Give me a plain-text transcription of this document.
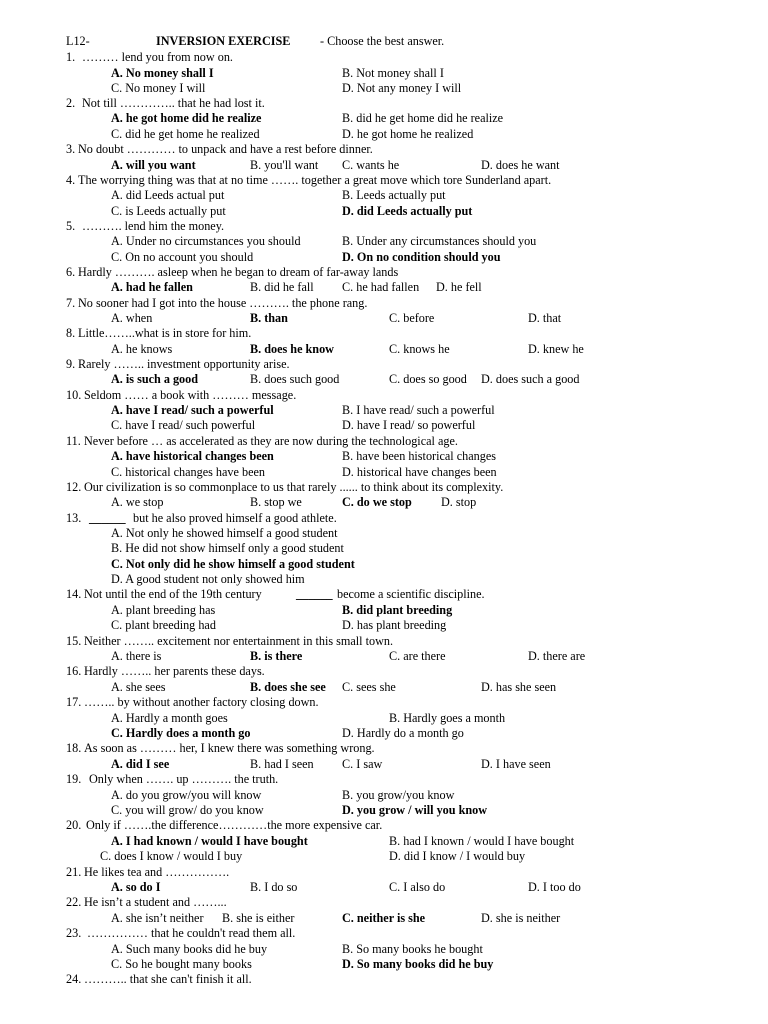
L12-	INVERSION EXERCISE - Choose the best answer.
1. ……… lend you from now on.
A. No money shall I	B. Not money shall I
C. No money I will	D. Not any money I will
2. Not till ………….. that he had lost it.
A. he got home did he realize	B. did he get home did he realize
C. did he get home he realized	D. he got home he realized
3. No doubt ………… to unpack and have a rest before dinner.
A. will you want	B. you'll want C. wants he	D. does he want
4. The worrying thing was that at no time ……. together a great move which tore Sunderland apart.
A. did Leeds actual put	B. Leeds actually put
C. is Leeds actually put	D. did Leeds actually put
5. ………. lend him the money.
A. Under no circumstances you should	B. Under any circumstances should you
C. On no account you should	D. On no condition should you
6. Hardly ………. asleep when he began to dream of far-away lands
A. had he fallen	B. did he fall C. he had fallen D. he fell
7. No sooner had I got into the house ………. the phone rang.
A. when	B. than	C. before	D. that
8. Little……..what is in store for him.
A. he knows	B. does he know	C. knows he	D. knew he
9. Rarely …….. investment opportunity arise.
A. is such a good	B. does such good	C. does so good D. does such a good
10. Seldom …… a book with ……… message.
A. have I read/ such a powerful	B. I have read/ such a powerful
C. have I read/ such powerful	D. have I read/ so powerful
11. Never before … as accelerated as they are now during the technological age.
A. have historical changes been	B. have been historical changes
C. historical changes have been	D. historical have changes been
12. Our civilization is so commonplace to us that rarely ...... to think about its complexity.
A. we stop	B. stop we	C. do we stop D. stop
13. ______ but he also proved himself a good athlete.
A. Not only he showed himself a good student
B. He did not show himself only a good student
C. Not only did he show himself a good student
D. A good student not only showed him
14. Not until the end of the 19th century	______ become a scientific discipline.
A. plant breeding has	B. did plant breeding
C. plant breeding had	D. has plant breeding
15. Neither …….. excitement nor entertainment in this small town.
A. there is	B. is there	C. are there	D. there are
16. Hardly …….. her parents these days.
A. she sees	B. does she see C. sees she	D. has she seen
17. …….. by without another factory closing down.
A. Hardly a month goes	B. Hardly goes a month
C. Hardly does a month go	D. Hardly do a month go
18. As soon as ……… her, I knew there was something wrong.
A. did I see	B. had I seen C. I saw	D. I have seen
19. Only when ……. up ………. the truth.
A. do you grow/you will know	B. you grow/you know
C. you will grow/ do you know	D. you grow / will you know
20. Only if …….the difference…………the more expensive car.
A. I had known / would I have bought	B. had I known / would I have bought
C. does I know / would I buy	D. did I know / I would buy
21. He likes tea and …………….
A. so do I	B. I do so	C. I also do	D. I too do
22. He isn’t a student and ……...
A. she isn’t neither B. she is either	C. neither is she	D. she is neither
23. …………… that he couldn't read them all.
A. Such many books did he buy	B. So many books he bought
C. So he bought many books	D. So many books did he buy
24. ……….. that she can't finish it all.
